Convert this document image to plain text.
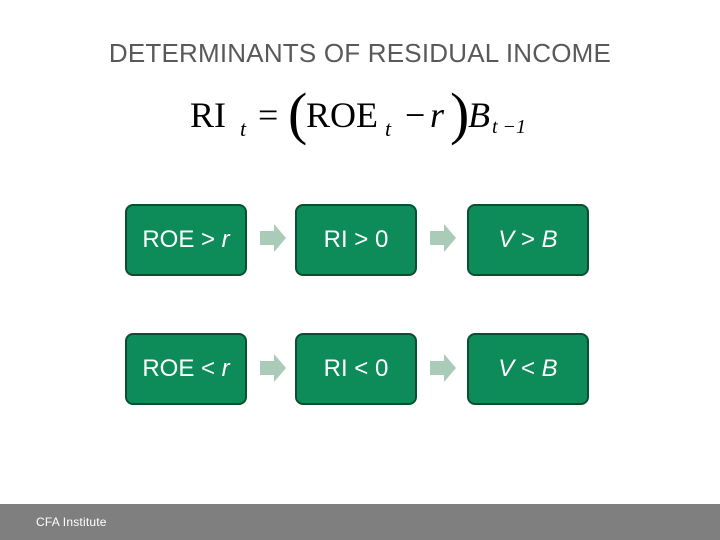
DETERMINANTS OF RESIDUAL INCOME
RI t = (
ROE t − r )
B t −1
ROE > r	RI > 0	V > B
ROE < r	RI < 0	V < B
CFA Institute
